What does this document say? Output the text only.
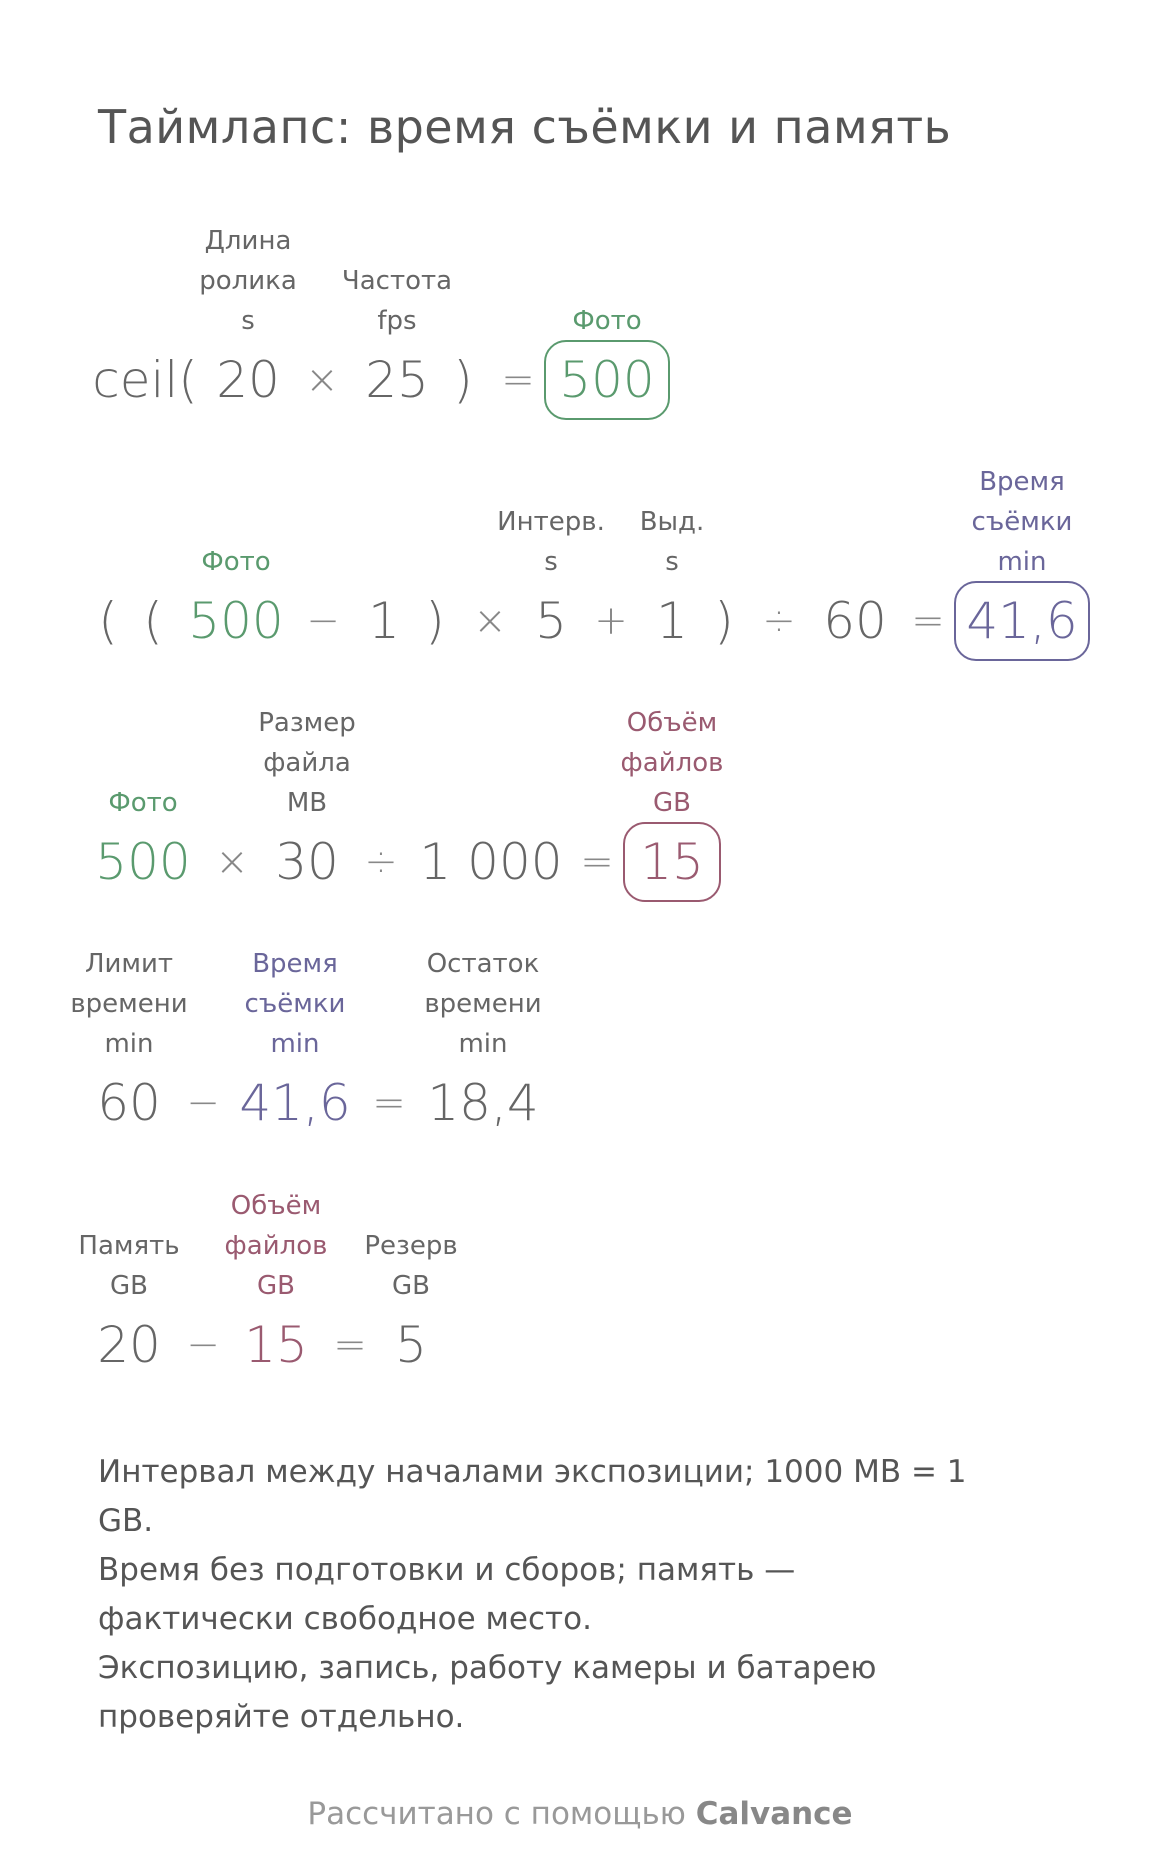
Таймлапс: время съёмки и память
Длина
ролика
s
Частота
fps	Фото
ceil( 20 × 25 ) = 500
Фото
Интерв.
s
Выд.
s
Время
съёмки
min
( ( 500 − 1 ) × 5 + 1 ) ÷ 60 = 41,6
Фото
Размер
файла
MB
Объём
файлов
GB
500 × 30 ÷ 1 000 = 15
Лимит
времени
min
Время
съёмки
min
Остаток
времени
min
60 − 41,6 = 18,4
Память
GB
Объём
файлов
GB
Резерв
GB
20 − 15 = 5

Интервал между началами экспозиции; 1000 MB = 1 GB.

Время без подготовки и сборов; память — фактически свободное место.

Экспозицию, запись, работу камеры и батарею проверяйте отдельно.

Рассчитано с помощью Calvance
